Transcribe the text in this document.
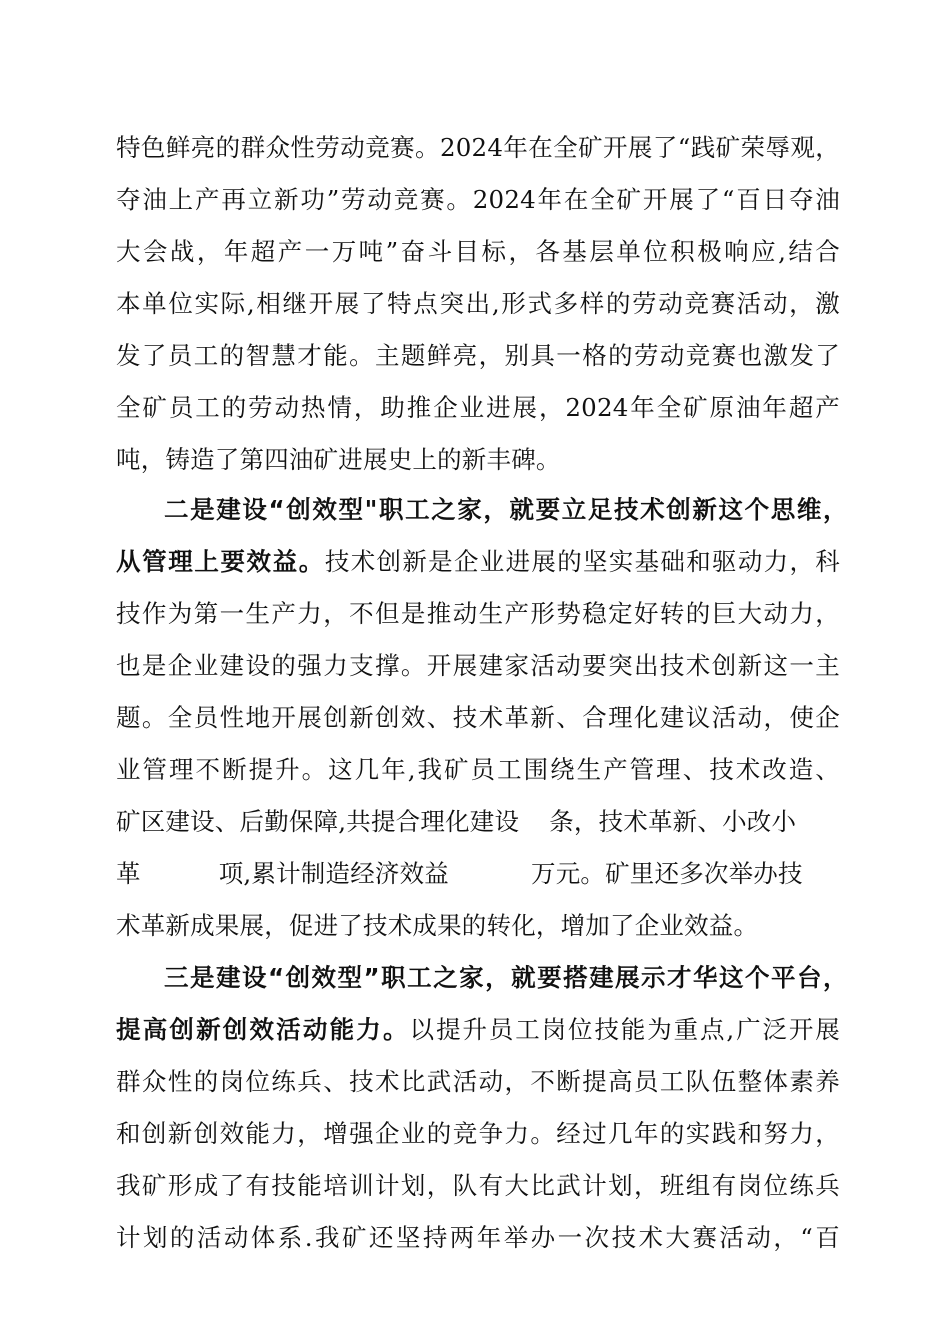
特色鲜亮的群众性劳动竞赛。2024年在全矿开展了“践矿荣辱观，
夺油上产再立新功”劳动竞赛。2024年在全矿开展了“百日夺油
大会战，年超产一万吨”奋斗目标，各基层单位积极响应,结合
本单位实际,相继开展了特点突出,形式多样的劳动竞赛活动，激
发了员工的智慧才能。主题鲜亮，别具一格的劳动竞赛也激发了
全矿员工的劳动热情，助推企业进展，2024年全矿原油年超产
吨，铸造了第四油矿进展史上的新丰碑。
二是建设“创效型"职工之家，就要立足技术创新这个思维，
从管理上要效益。技术创新是企业进展的坚实基础和驱动力，科
技作为第一生产力，不但是推动生产形势稳定好转的巨大动力，
也是企业建设的强力支撑。开展建家活动要突出技术创新这一主
题。全员性地开展创新创效、技术革新、合理化建议活动，使企
业管理不断提升。这几年,我矿员工围绕生产管理、技术改造、
矿区建设、后勤保障,共提合理化建设 条，技术革新、小改小
革	项,累计制造经济效益	万元。矿里还多次举办技
术革新成果展，促进了技术成果的转化，增加了企业效益。
三是建设“创效型”职工之家，就要搭建展示才华这个平台，
提高创新创效活动能力。以提升员工岗位技能为重点,广泛开展
群众性的岗位练兵、技术比武活动，不断提高员工队伍整体素养
和创新创效能力，增强企业的竞争力。经过几年的实践和努力，
我矿形成了有技能培训计划，队有大比武计划，班组有岗位练兵
计划的活动体系.我矿还坚持两年举办一次技术大赛活动，“百
